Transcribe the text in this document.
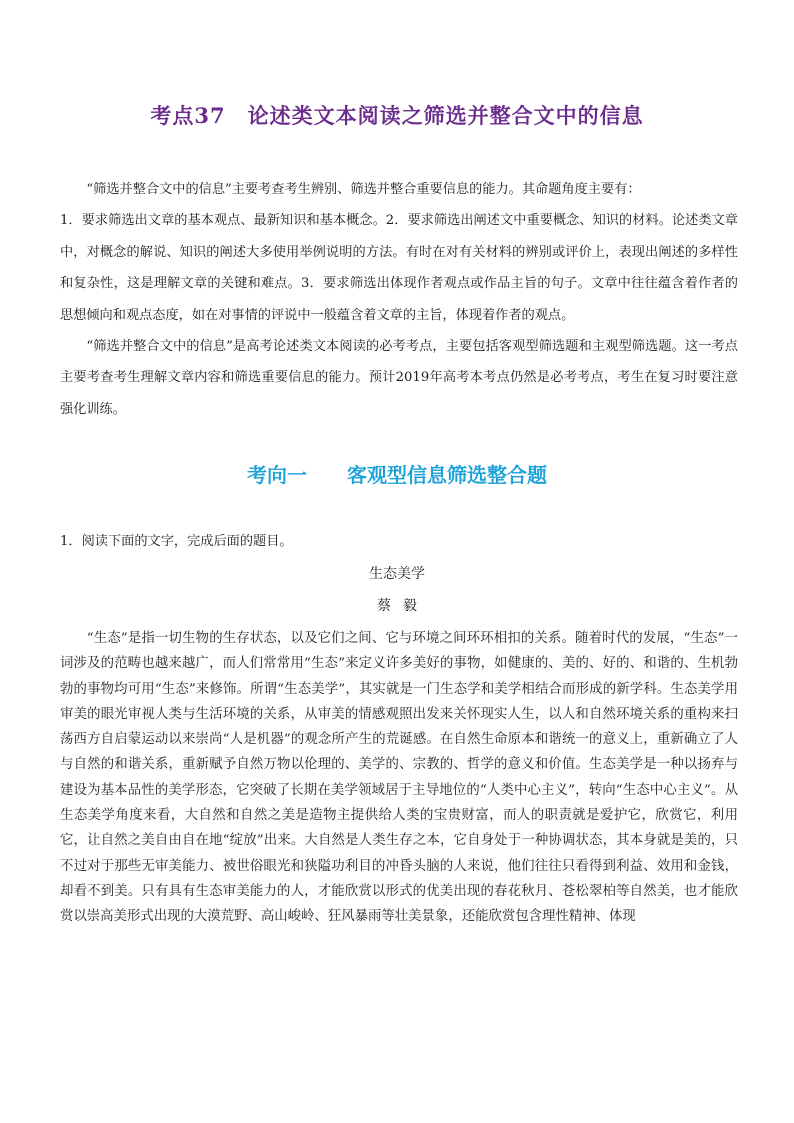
考点37　论述类文本阅读之筛选并整合文中的信息

“筛选并整合文中的信息”主要考查考生辨别、筛选并整合重要信息的能力。其命题角度主要有：

1．要求筛选出文章的基本观点、最新知识和基本概念。2．要求筛选出阐述文中重要概念、知识的材料。论述类文章中，对概念的解说、知识的阐述大多使用举例说明的方法。有时在对有关材料的辨别或评价上，表现出阐述的多样性和复杂性，这是理解文章的关键和难点。3．要求筛选出体现作者观点或作品主旨的句子。文章中往往蕴含着作者的思想倾向和观点态度，如在对事情的评说中一般蕴含着文章的主旨，体现着作者的观点。

“筛选并整合文中的信息”是高考论述类文本阅读的必考考点，主要包括客观型筛选题和主观型筛选题。这一考点主要考查考生理解文章内容和筛选重要信息的能力。预计2019年高考本考点仍然是必考考点，考生在复习时要注意强化训练。

考向一　　客观型信息筛选整合题
1．阅读下面的文字，完成后面的题目。
生态美学
蔡毅

“生态”是指一切生物的生存状态，以及它们之间、它与环境之间环环相扣的关系。随着时代的发展，“生态”一词涉及的范畴也越来越广，而人们常常用“生态”来定义许多美好的事物，如健康的、美的、好的、和谐的、生机勃勃的事物均可用“生态”来修饰。所谓“生态美学”，其实就是一门生态学和美学相结合而形成的新学科。生态美学用审美的眼光审视人类与生活环境的关系，从审美的情感观照出发来关怀现实人生，以人和自然环境关系的重构来扫荡西方自启蒙运动以来崇尚“人是机器”的观念所产生的荒诞感。在自然生命原本和谐统一的意义上，重新确立了人与自然的和谐关系，重新赋予自然万物以伦理的、美学的、宗教的、哲学的意义和价值。生态美学是一种以扬弃与建设为基本品性的美学形态，它突破了长期在美学领域居于主导地位的“人类中心主义”，转向“生态中心主义”。从生态美学角度来看，大自然和自然之美是造物主提供给人类的宝贵财富，而人的职责就是爱护它，欣赏它，利用它，让自然之美自由自在地“绽放”出来。大自然是人类生存之本，它自身处于一种协调状态，其本身就是美的，只不过对于那些无审美能力、被世俗眼光和狭隘功利目的冲昏头脑的人来说，他们往往只看得到利益、效用和金钱，却看不到美。只有具有生态审美能力的人，才能欣赏以形式的优美出现的春花秋月、苍松翠柏等自然美，也才能欣赏以崇高美形式出现的大漠荒野、高山峻岭、狂风暴雨等壮美景象，还能欣赏包含理性精神、体现
